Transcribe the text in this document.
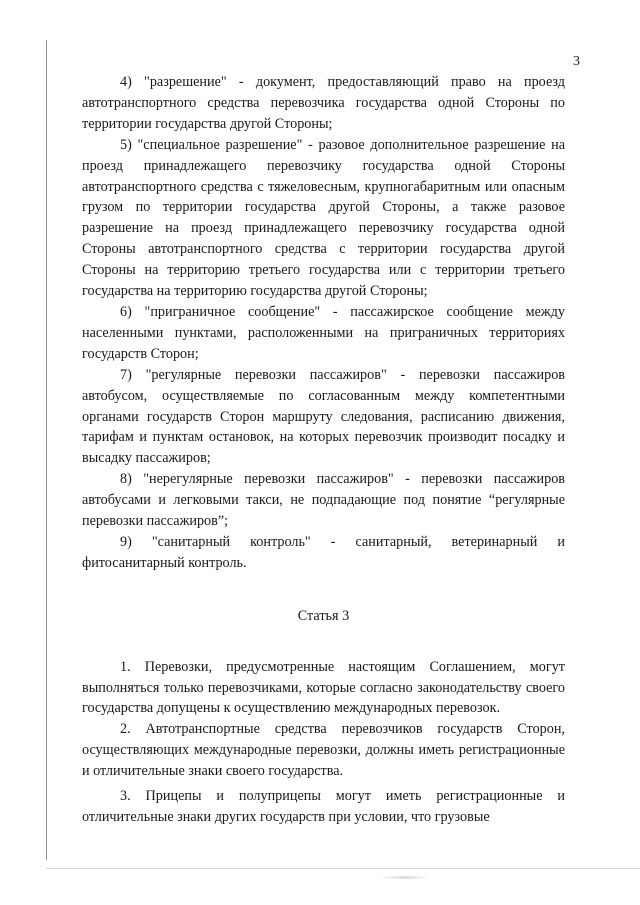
3

4) "разрешение" - документ, предоставляющий право на проезд автотранспортного средства перевозчика государства одной Стороны по территории государства другой Стороны;

5) "специальное разрешение" - разовое дополнительное разрешение на проезд принадлежащего перевозчику государства одной Стороны автотранспортного средства с тяжеловесным, крупногабаритным или опасным грузом по территории государства другой Стороны, а также разовое разрешение на проезд принадлежащего перевозчику государства одной Стороны автотранспортного средства с территории государства другой Стороны на территорию третьего государства или с территории третьего государства на территорию государства другой Стороны;

6) "приграничное сообщение" - пассажирское сообщение между населенными пунктами, расположенными на приграничных территориях государств Сторон;

7) "регулярные перевозки пассажиров" - перевозки пассажиров автобусом, осуществляемые по согласованным между компетентными органами государств Сторон маршруту следования, расписанию движения, тарифам и пунктам остановок, на которых перевозчик производит посадку и высадку пассажиров;

8) "нерегулярные перевозки пассажиров" - перевозки пассажиров автобусами и легковыми такси, не подпадающие под понятие “регулярные перевозки пассажиров”;

9) "санитарный контроль" - санитарный, ветеринарный и фитосанитарный контроль.

Статья 3

1. Перевозки, предусмотренные настоящим Соглашением, могут выполняться только перевозчиками, которые согласно законодательству своего государства допущены к осуществлению международных перевозок.

2. Автотранспортные средства перевозчиков государств Сторон, осуществляющих международные перевозки, должны иметь регистрационные и отличительные знаки своего государства.

3. Прицепы и полуприцепы могут иметь регистрационные и отличительные знаки других государств при условии, что грузовые
